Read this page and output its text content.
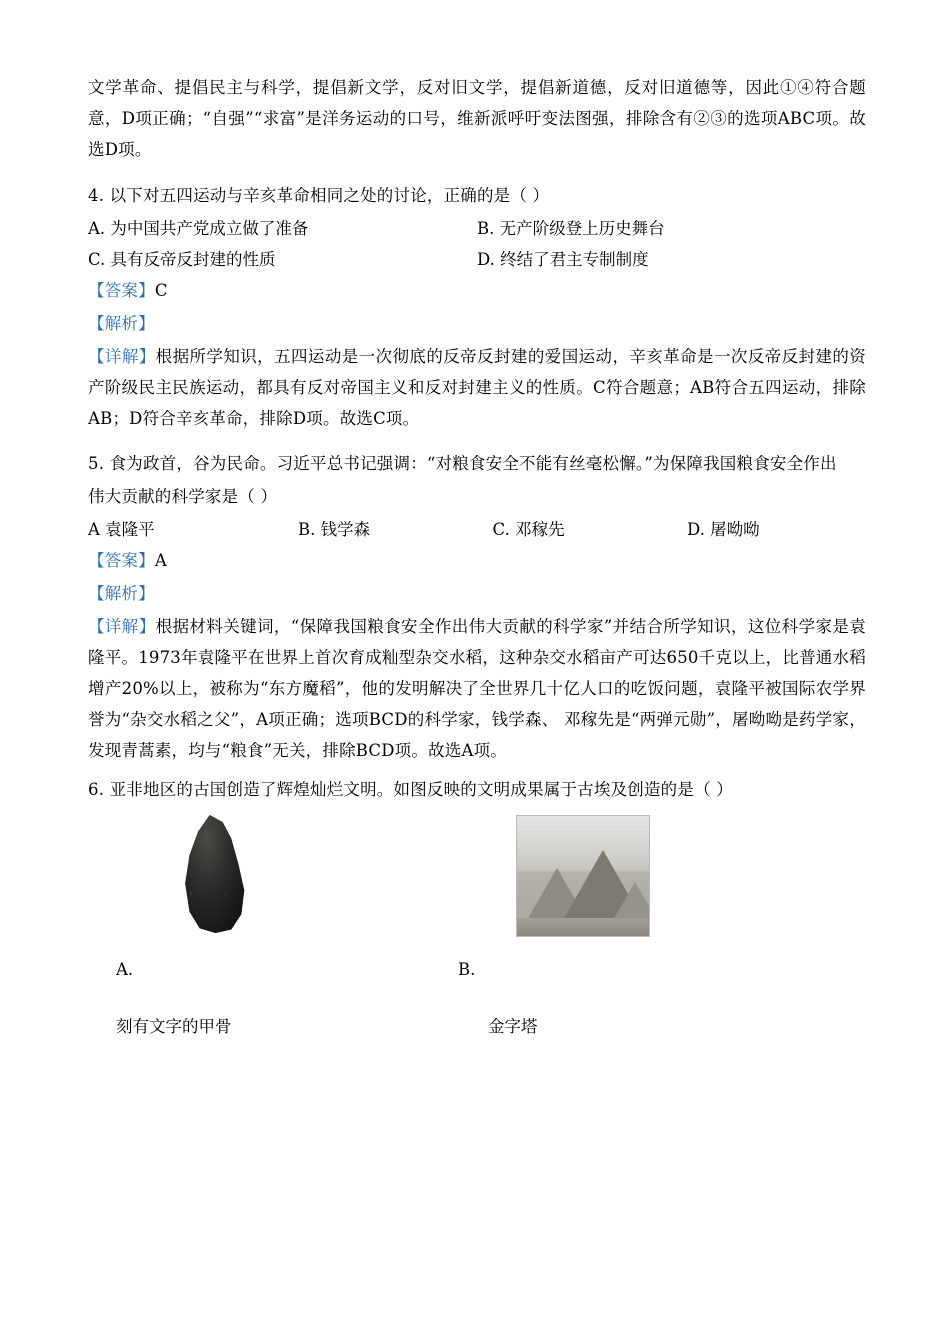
文学革命、提倡民主与科学，提倡新文学，反对旧文学，提倡新道德，反对旧道德等，因此①④符合题意，D项正确；“自强”“求富”是洋务运动的口号，维新派呼吁变法图强，排除含有②③的选项ABC项。故选D项。

4. 以下对五四运动与辛亥革命相同之处的讨论，正确的是（ ）

A. 为中国共产党成立做了准备	B. 无产阶级登上历史舞台
C. 具有反帝反封建的性质	D. 终结了君主专制制度

【答案】C

【解析】

【详解】根据所学知识，五四运动是一次彻底的反帝反封建的爱国运动，辛亥革命是一次反帝反封建的资产阶级民主民族运动，都具有反对帝国主义和反对封建主义的性质。C符合题意；AB符合五四运动，排除AB；D符合辛亥革命，排除D项。故选C项。

5. 食为政首，谷为民命。习近平总书记强调：“对粮食安全不能有丝毫松懈。”为保障我国粮食安全作出

伟大贡献的科学家是（ ）

A 袁隆平	B. 钱学森	C. 邓稼先	D. 屠呦呦

【答案】A

【解析】

【详解】根据材料关键词，“保障我国粮食安全作出伟大贡献的科学家”并结合所学知识，这位科学家是袁隆平。1973年袁隆平在世界上首次育成籼型杂交水稻，这种杂交水稻亩产可达650千克以上，比普通水稻增产20%以上，被称为“东方魔稻”，他的发明解决了全世界几十亿人口的吃饭问题，袁隆平被国际农学界誉为“杂交水稻之父”，A项正确；选项BCD的科学家，钱学森、 邓稼先是“两弹元勋”，屠呦呦是药学家，发现青蒿素，均与“粮食”无关，排除BCD项。故选A项。

6. 亚非地区的古国创造了辉煌灿烂文明。如图反映的文明成果属于古埃及创造的是（ ）

A.
刻有文字的甲骨
B.
金字塔
